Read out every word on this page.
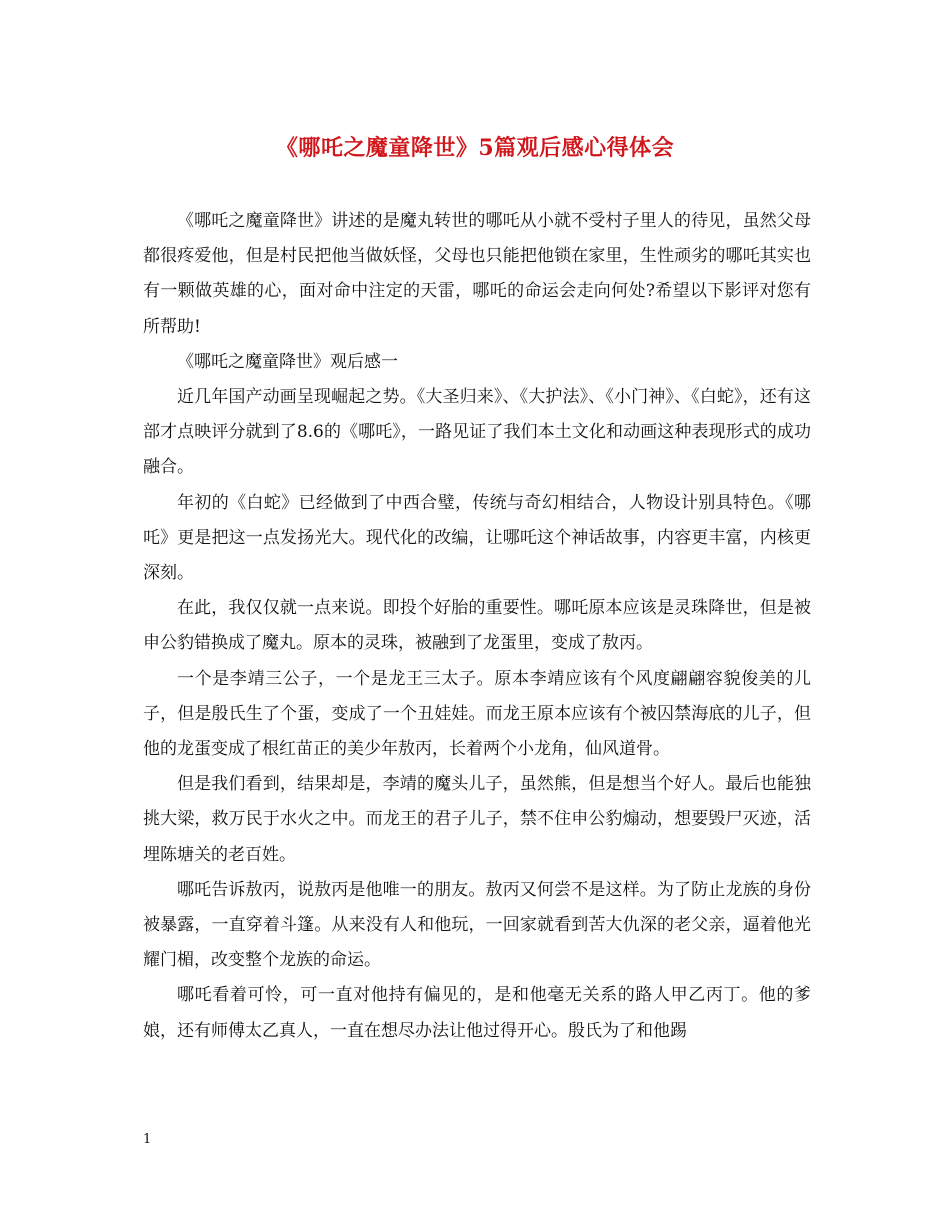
《哪吒之魔童降世》5篇观后感心得体会

《哪吒之魔童降世》讲述的是魔丸转世的哪吒从小就不受村子里人的待见，虽然父母都很疼爱他，但是村民把他当做妖怪，父母也只能把他锁在家里，生性顽劣的哪吒其实也有一颗做英雄的心，面对命中注定的天雷，哪吒的命运会走向何处?希望以下影评对您有所帮助!

《哪吒之魔童降世》观后感一

近几年国产动画呈现崛起之势。《大圣归来》、《大护法》、《小门神》、《白蛇》，还有这部才点映评分就到了8.6的《哪吒》，一路见证了我们本土文化和动画这种表现形式的成功融合。

年初的《白蛇》已经做到了中西合璧，传统与奇幻相结合，人物设计别具特色。《哪吒》更是把这一点发扬光大。现代化的改编，让哪吒这个神话故事，内容更丰富，内核更深刻。

在此，我仅仅就一点来说。即投个好胎的重要性。哪吒原本应该是灵珠降世，但是被申公豹错换成了魔丸。原本的灵珠，被融到了龙蛋里，变成了敖丙。

一个是李靖三公子，一个是龙王三太子。原本李靖应该有个风度翩翩容貌俊美的儿子，但是殷氏生了个蛋，变成了一个丑娃娃。而龙王原本应该有个被囚禁海底的儿子，但他的龙蛋变成了根红苗正的美少年敖丙，长着两个小龙角，仙风道骨。

但是我们看到，结果却是，李靖的魔头儿子，虽然熊，但是想当个好人。最后也能独挑大梁，救万民于水火之中。而龙王的君子儿子，禁不住申公豹煽动，想要毁尸灭迹，活埋陈塘关的老百姓。

哪吒告诉敖丙，说敖丙是他唯一的朋友。敖丙又何尝不是这样。为了防止龙族的身份被暴露，一直穿着斗篷。从来没有人和他玩，一回家就看到苦大仇深的老父亲，逼着他光耀门楣，改变整个龙族的命运。

哪吒看着可怜，可一直对他持有偏见的，是和他毫无关系的路人甲乙丙丁。他的爹娘，还有师傅太乙真人，一直在想尽办法让他过得开心。殷氏为了和他踢

1
